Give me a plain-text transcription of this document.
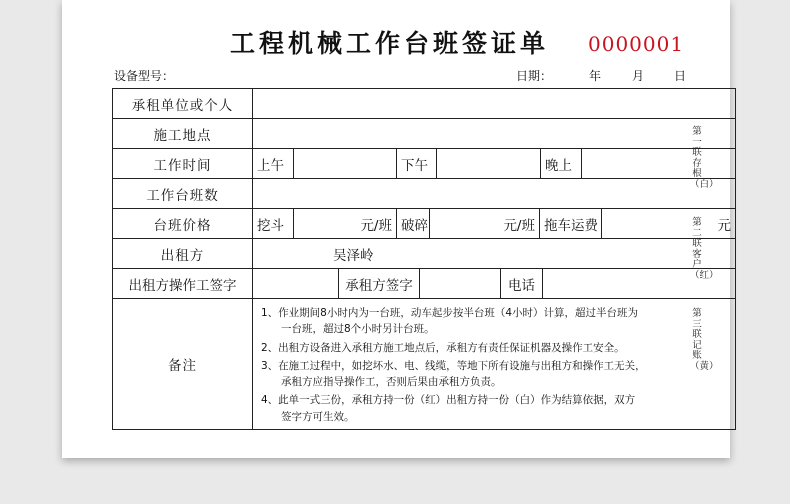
工程机械工作台班签证单 0000001
设备型号：	日期：	年	月 日
承租单位或个人
施工地点
工作时间	上午	下午	晚上
工作台班数
台班价格	挖斗	元/班 破碎	元/班 拖车运费	元
出租方	吴泽岭
出租方操作工签字	承租方签字	电话
备注

1、作业期间8小时内为一台班，动车起步按半台班（4小时）计算，超过半台班为
一台班，超过8个小时另计台班。

2、出租方设备进入承租方施工地点后，承租方有责任保证机器及操作工安全。

3、在施工过程中，如挖坏水、电、线缆，等地下所有设施与出租方和操作工无关，
承租方应指导操作工，否则后果由承租方负责。

4、此单一式三份，承租方持一份（红）出租方持一份（白）作为结算依据，双方
签字方可生效。

第一联存根（白）
第二联客户（红）
第三联记账（黄）
